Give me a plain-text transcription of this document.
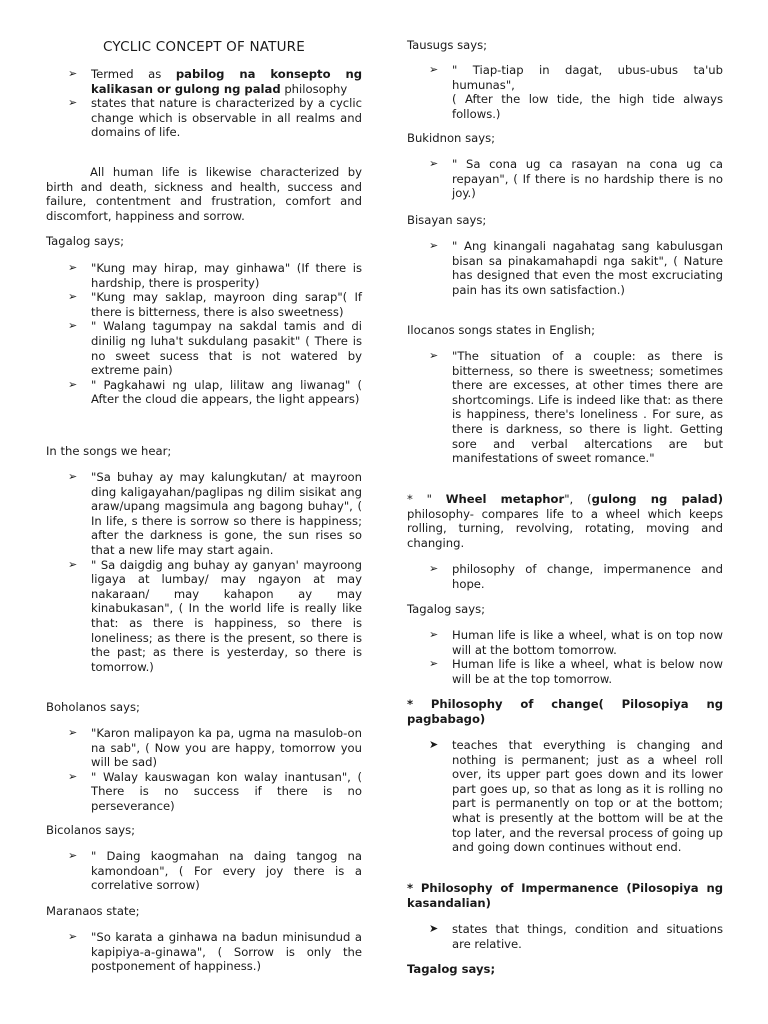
CYCLIC CONCEPT OF NATURE
➢ Termed as pabilog na konsepto ng kalikasan or gulong ng palad philosophy
➢ states that nature is characterized by a cyclic change which is observable in all realms and domains of life.
All human life is likewise characterized by birth and death, sickness and health, success and failure, contentment and frustration, comfort and discomfort, happiness and sorrow.
Tagalog says;
➢ "Kung may hirap, may ginhawa" (If there is hardship, there is prosperity)
➢ "Kung may saklap, mayroon ding sarap"( If there is bitterness, there is also sweetness)
➢ " Walang tagumpay na sakdal tamis and di dinilig ng luha't sukdulang pasakit" ( There is no sweet sucess that is not watered by extreme pain)
➢ " Pagkahawi ng ulap, lilitaw ang liwanag" ( After the cloud die appears, the light appears)
In the songs we hear;
➢ "Sa buhay ay may kalungkutan/ at mayroon ding kaligayahan/paglipas ng dilim sisikat ang araw/upang magsimula ang bagong buhay", ( In life, s there is sorrow so there is happiness; after the darkness is gone, the sun rises so that a new life may start again.
➢ " Sa daigdig ang buhay ay ganyan' mayroong ligaya at lumbay/ may ngayon at may nakaraan/ may kahapon ay may kinabukasan", ( In the world life is really like that: as there is happiness, so there is loneliness; as there is the present, so there is the past; as there is yesterday, so there is tomorrow.)
Boholanos says;
➢ "Karon malipayon ka pa, ugma na masulob-on na sab", ( Now you are happy, tomorrow you will be sad)
➢ " Walay kauswagan kon walay inantusan", ( There is no success if there is no perseverance)
Bicolanos says;
➢ " Daing kaogmahan na daing tangog na kamondoan", ( For every joy there is a correlative sorrow)
Maranaos state;
➢ "So karata a ginhawa na badun minisundud a kapipiya-a-ginawa", ( Sorrow is only the postponement of happiness.)
Tausugs says;
➢ " Tiap-tiap in dagat, ubus-ubus ta'ub humunas",
( After the low tide, the high tide always follows.)
Bukidnon says;
➢ " Sa cona ug ca rasayan na cona ug ca repayan", ( If there is no hardship there is no joy.)
Bisayan says;
➢ " Ang kinangali nagahatag sang kabulusgan bisan sa pinakamahapdi nga sakit", ( Nature has designed that even the most excruciating pain has its own satisfaction.)
Ilocanos songs states in English;
➢ "The situation of a couple: as there is bitterness, so there is sweetness; sometimes there are excesses, at other times there are shortcomings. Life is indeed like that: as there is happiness, there's loneliness . For sure, as there is darkness, so there is light. Getting sore and verbal altercations are but manifestations of sweet romance."
* " Wheel metaphor", (gulong ng palad) philosophy- compares life to a wheel which keeps rolling, turning, revolving, rotating, moving and changing.
➢ philosophy of change, impermanence and hope.
Tagalog says;
➢ Human life is like a wheel, what is on top now will at the bottom tomorrow.
➢ Human life is like a wheel, what is below now will be at the top tomorrow.
* Philosophy of change( Pilosopiya ng pagbabago)
➤ teaches that everything is changing and nothing is permanent; just as a wheel roll over, its upper part goes down and its lower part goes up, so that as long as it is rolling no part is permanently on top or at the bottom; what is presently at the bottom will be at the top later, and the reversal process of going up and going down continues without end.
* Philosophy of Impermanence (Pilosopiya ng kasandalian)
➤ states that things, condition and situations are relative.
Tagalog says;
